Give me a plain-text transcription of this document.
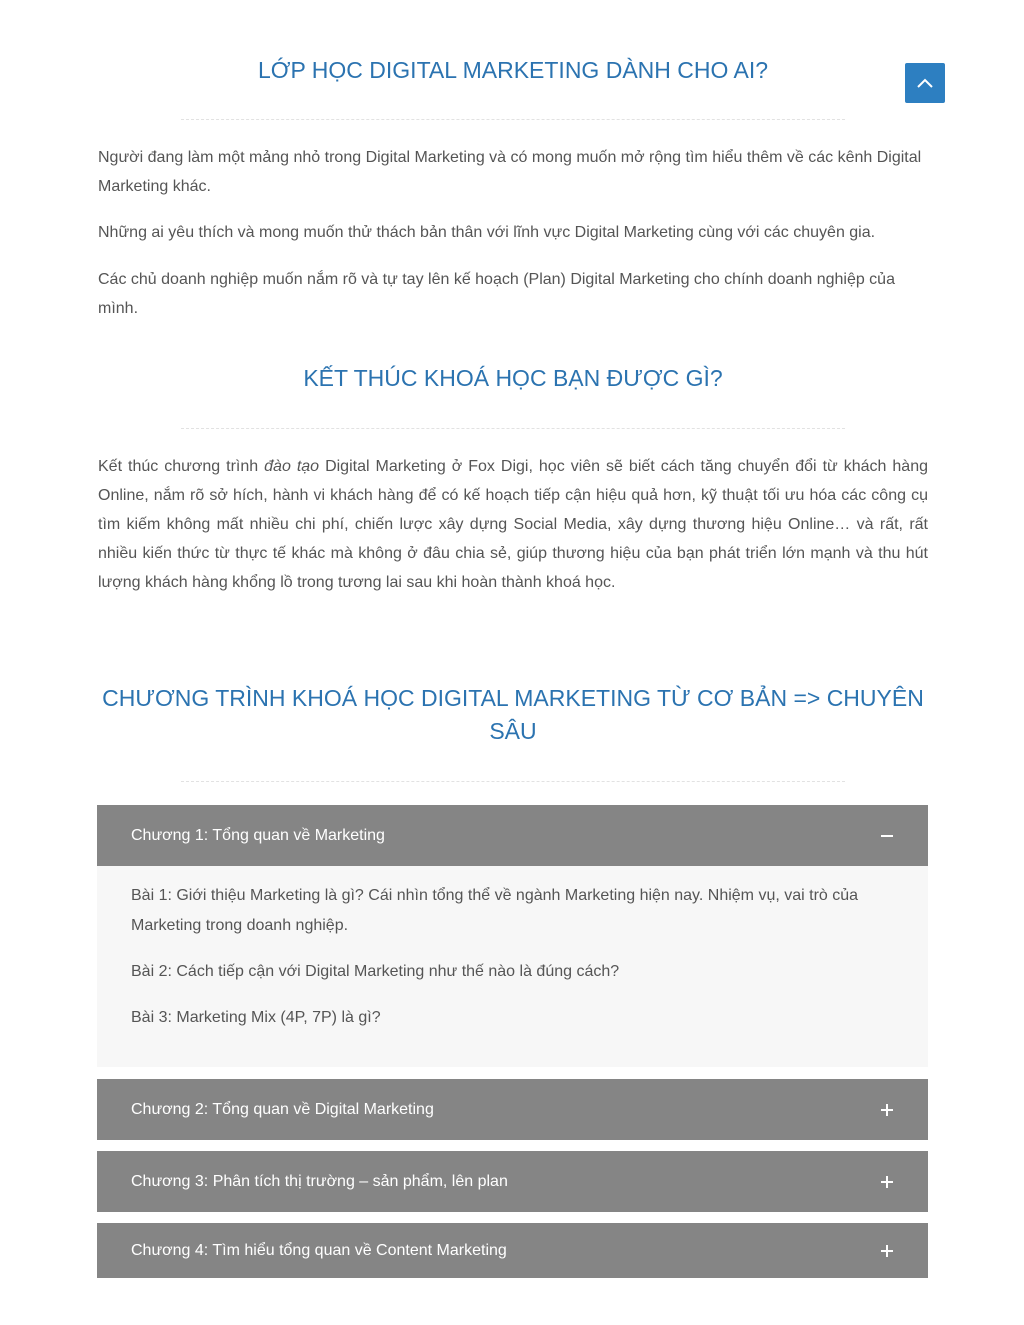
LỚP HỌC DIGITAL MARKETING DÀNH CHO AI?

Người đang làm một mảng nhỏ trong Digital Marketing và có mong muốn mở rộng tìm hiểu thêm về các kênh Digital Marketing khác.

Những ai yêu thích và mong muốn thử thách bản thân với lĩnh vực Digital Marketing cùng với các chuyên gia.

Các chủ doanh nghiệp muốn nắm rõ và tự tay lên kế hoạch (Plan) Digital Marketing cho chính doanh nghiệp của mình.

KẾT THÚC KHOÁ HỌC BẠN ĐƯỢC GÌ?

Kết thúc chương trình đào tạo Digital Marketing ở Fox Digi, học viên sẽ biết cách tăng chuyển đổi từ khách hàng Online, nắm rõ sở hích, hành vi khách hàng để có kế hoạch tiếp cận hiệu quả hơn, kỹ thuật tối ưu hóa các công cụ tìm kiếm không mất nhiều chi phí, chiến lược xây dựng Social Media, xây dựng thương hiệu Online… và rất, rất nhiều kiến thức từ thực tế khác mà không ở đâu chia sẻ, giúp thương hiệu của bạn phát triển lớn mạnh và thu hút lượng khách hàng khổng lồ trong tương lai sau khi hoàn thành khoá học.

CHƯƠNG TRÌNH KHOÁ HỌC DIGITAL MARKETING TỪ CƠ BẢN => CHUYÊN SÂU
Chương 1: Tổng quan về Marketing

Bài 1: Giới thiệu Marketing là gì? Cái nhìn tổng thể về ngành Marketing hiện nay. Nhiệm vụ, vai trò của Marketing trong doanh nghiệp.

Bài 2: Cách tiếp cận với Digital Marketing như thế nào là đúng cách?

Bài 3: Marketing Mix (4P, 7P) là gì?

Chương 2: Tổng quan về Digital Marketing
Chương 3: Phân tích thị trường – sản phẩm, lên plan
Chương 4: Tìm hiểu tổng quan về Content Marketing
